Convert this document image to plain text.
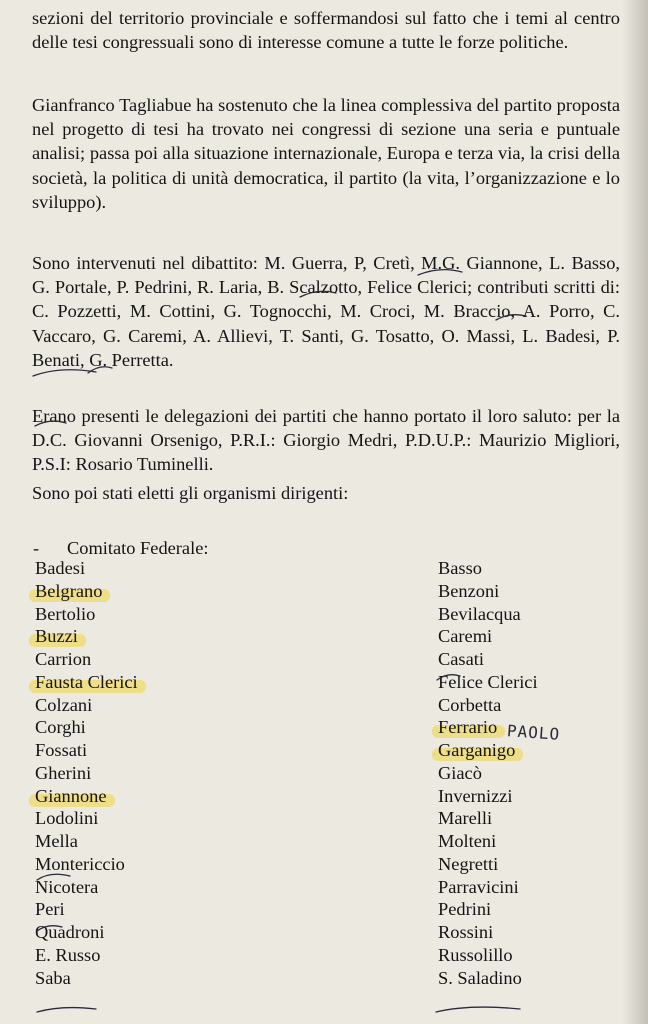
sezioni del territorio provinciale e soffermandosi sul fatto che i temi al centro delle tesi congressuali sono di interesse comune a tutte le forze politiche.

Gianfranco Tagliabue ha sostenuto che la linea complessiva del partito proposta nel progetto di tesi ha trovato nei congressi di sezione una seria e puntuale analisi; passa poi alla situazione internazionale, Europa e terza via, la crisi della società, la politica di unità democratica, il partito (la vita, l’organizzazione e lo sviluppo).

Sono intervenuti nel dibattito: M. Guerra, P, Cretì, M.G. Giannone, L. Basso, G. Portale, P. Pedrini, R. Laria, B. Scalzotto, Felice Clerici; contributi scritti di: C. Pozzetti, M. Cottini, G. Tognocchi, M. Croci, M. Braccio, A. Porro, C. Vaccaro, G. Caremi, A. Allievi, T. Santi, G. Tosatto, O. Massi, L. Badesi, P. Benati, G. Perretta.

Erano presenti le delegazioni dei partiti che hanno portato il loro saluto: per la D.C. Giovanni Orsenigo, P.R.I.: Giorgio Medri, P.D.U.P.: Maurizio Migliori, P.S.I: Rosario Tuminelli.

Sono poi stati eletti gli organismi dirigenti:

- Comitato Federale:
Badesi
Belgrano
Bertolio
Buzzi
Carrion
Fausta Clerici
Colzani
Corghi
Fossati
Gherini
Giannone
Lodolini
Mella
Montericcio
Nicotera
Peri
Quadroni
E. Russo
Saba
Basso
Benzoni
Bevilacqua
Caremi
Casati
Felice Clerici
Corbetta
Ferrario
Garganigo
Giacò
Invernizzi
Marelli
Molteni
Negretti
Parravicini
Pedrini
Rossini
Russolillo
S. Saladino
PAOLO
